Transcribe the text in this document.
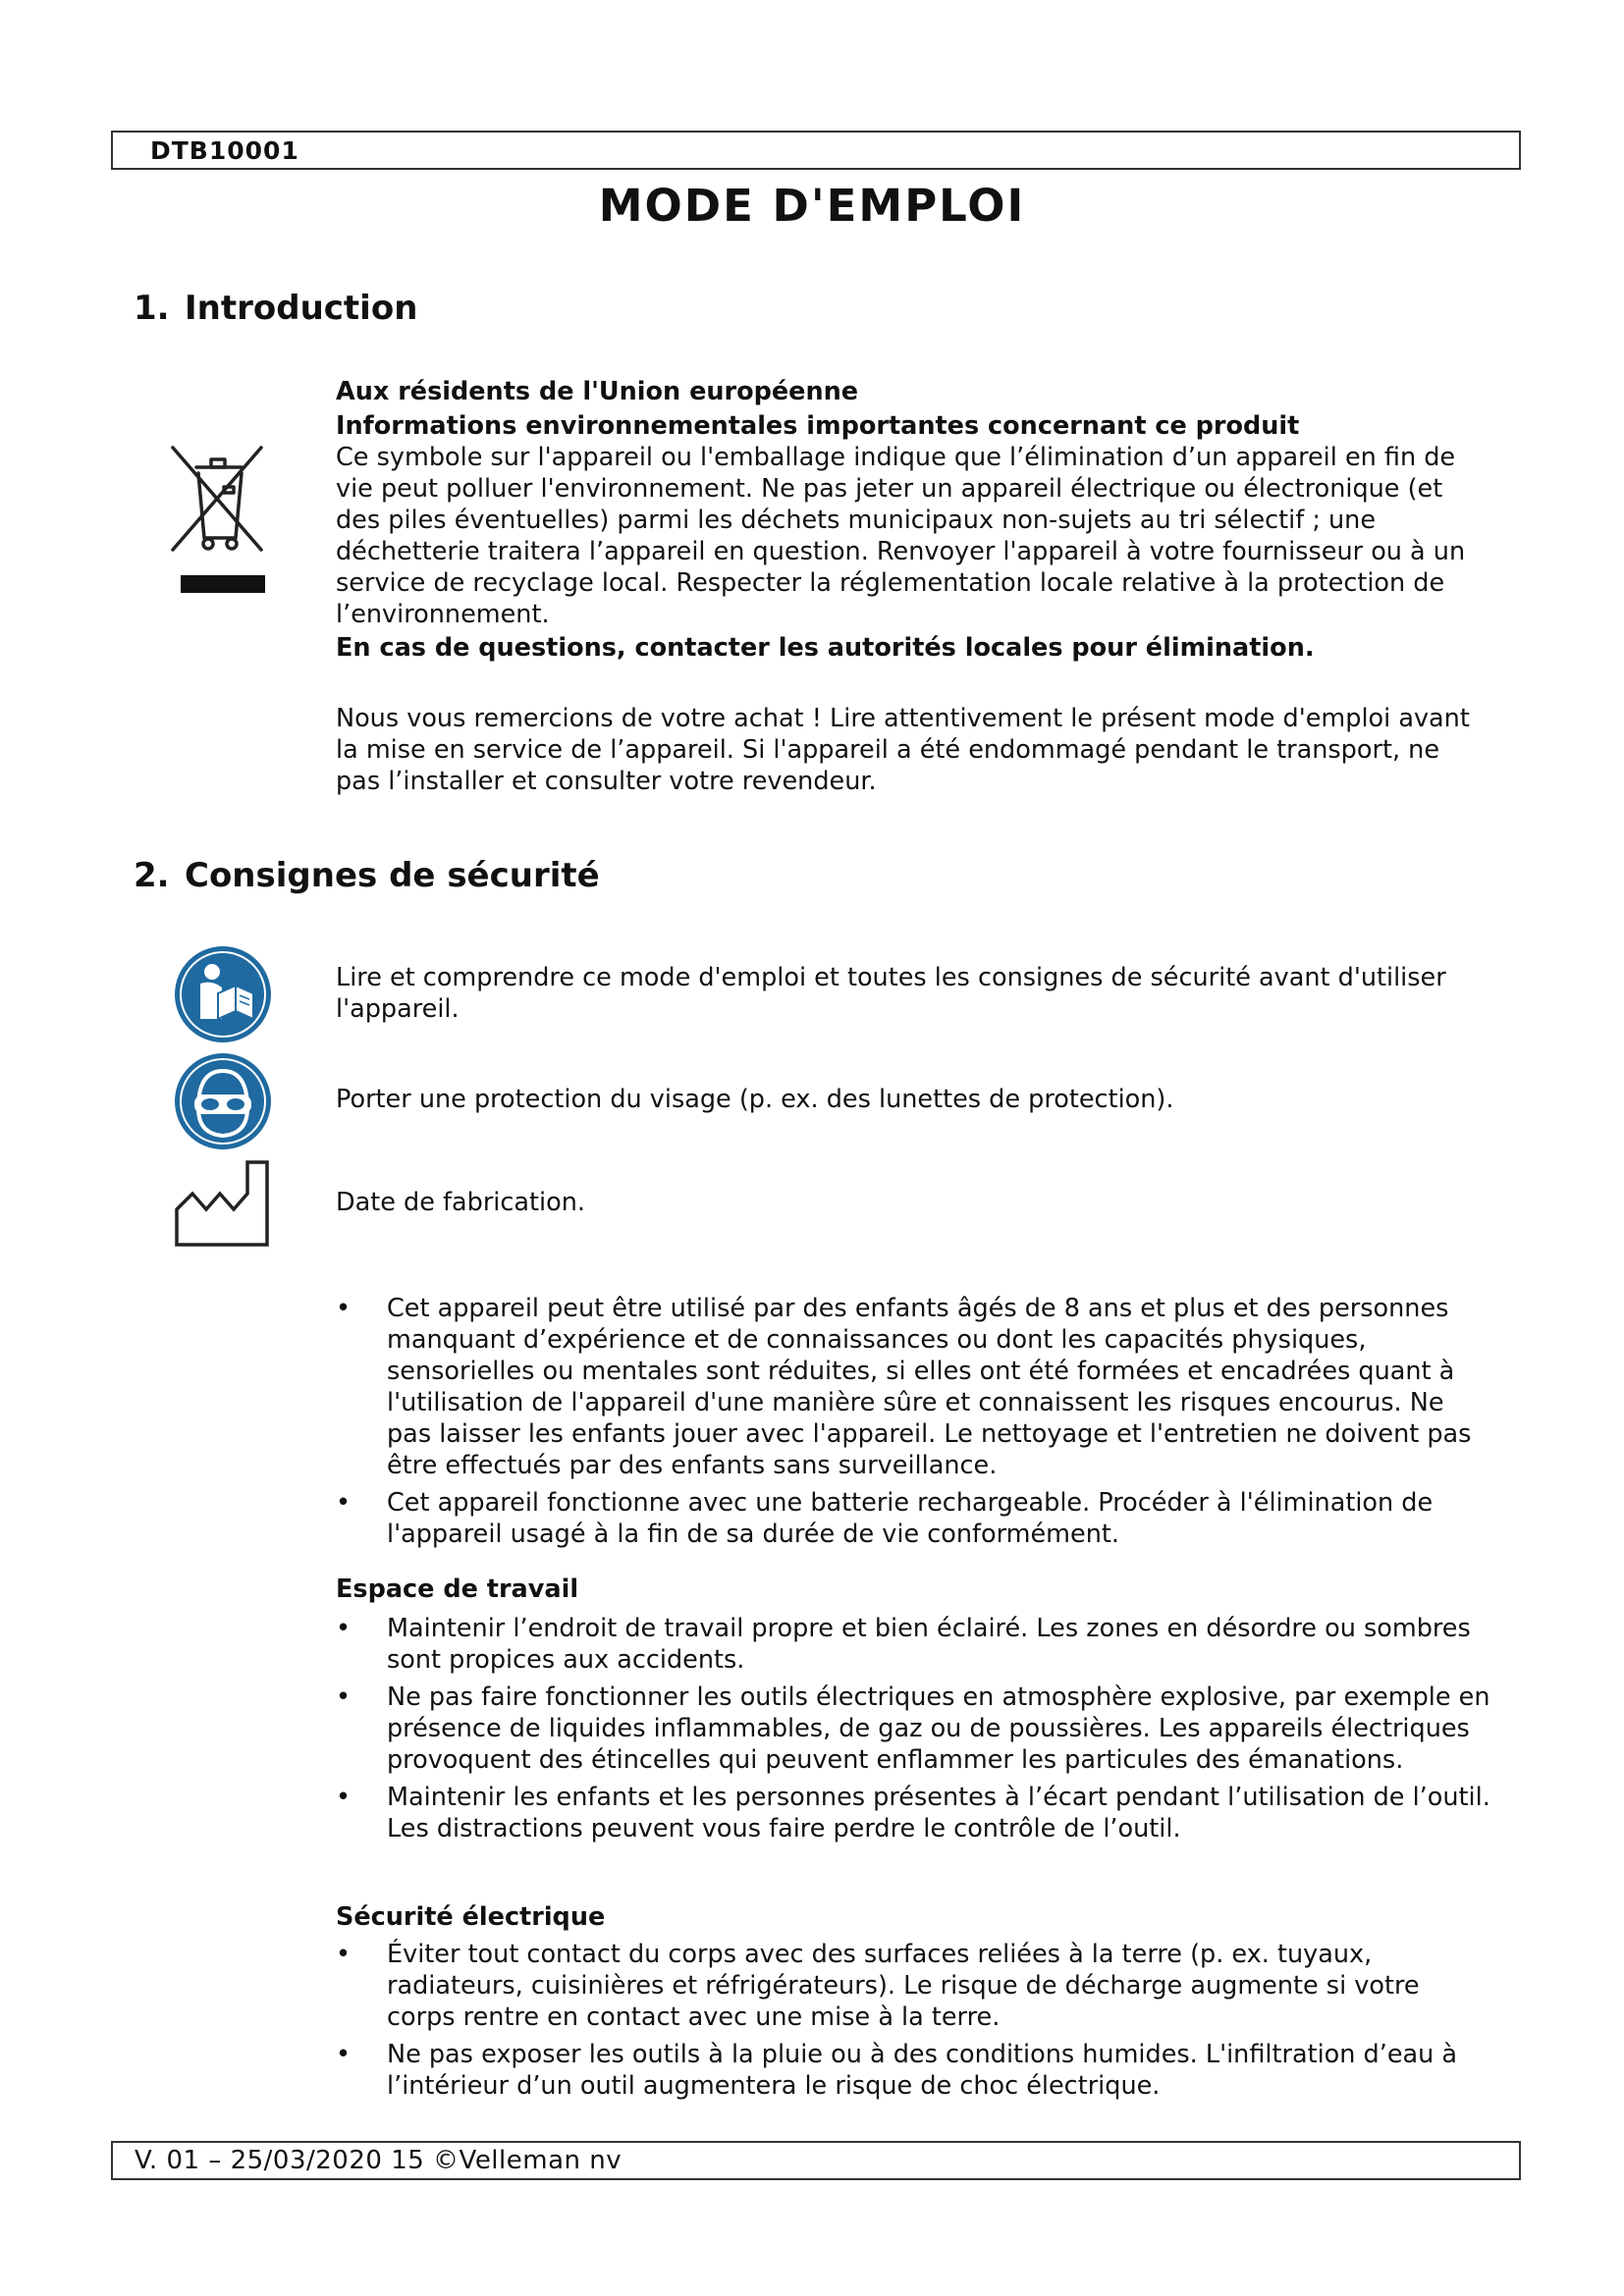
DTB10001
MODE D'EMPLOI
1. Introduction
Aux résidents de l'Union européenne
Informations environnementales importantes concernant ce produit
Ce symbole sur l'appareil ou l'emballage indique que l’élimination d’un appareil en fin de vie peut polluer l'environnement. Ne pas jeter un appareil électrique ou électronique (et des piles éventuelles) parmi les déchets municipaux non-sujets au tri sélectif ; une déchetterie traitera l’appareil en question. Renvoyer l'appareil à votre fournisseur ou à un service de recyclage local. Respecter la réglementation locale relative à la protection de l’environnement.
En cas de questions, contacter les autorités locales pour élimination.
Nous vous remercions de votre achat ! Lire attentivement le présent mode d'emploi avant la mise en service de l’appareil. Si l'appareil a été endommagé pendant le transport, ne pas l’installer et consulter votre revendeur.
2. Consignes de sécurité
Lire et comprendre ce mode d'emploi et toutes les consignes de sécurité avant d'utiliser l'appareil.
Porter une protection du visage (p. ex. des lunettes de protection).
Date de fabrication.
• Cet appareil peut être utilisé par des enfants âgés de 8 ans et plus et des personnes manquant d’expérience et de connaissances ou dont les capacités physiques, sensorielles ou mentales sont réduites, si elles ont été formées et encadrées quant à l'utilisation de l'appareil d'une manière sûre et connaissent les risques encourus. Ne pas laisser les enfants jouer avec l'appareil. Le nettoyage et l'entretien ne doivent pas être effectués par des enfants sans surveillance.
• Cet appareil fonctionne avec une batterie rechargeable. Procéder à l'élimination de l'appareil usagé à la fin de sa durée de vie conformément.
Espace de travail
• Maintenir l’endroit de travail propre et bien éclairé. Les zones en désordre ou sombres sont propices aux accidents.
• Ne pas faire fonctionner les outils électriques en atmosphère explosive, par exemple en présence de liquides inflammables, de gaz ou de poussières. Les appareils électriques provoquent des étincelles qui peuvent enflammer les particules des émanations.
• Maintenir les enfants et les personnes présentes à l’écart pendant l’utilisation de l’outil. Les distractions peuvent vous faire perdre le contrôle de l’outil.
Sécurité électrique
• Éviter tout contact du corps avec des surfaces reliées à la terre (p. ex. tuyaux, radiateurs, cuisinières et réfrigérateurs). Le risque de décharge augmente si votre corps rentre en contact avec une mise à la terre.
• Ne pas exposer les outils à la pluie ou à des conditions humides. L'infiltration d’eau à l’intérieur d’un outil augmentera le risque de choc électrique.
V. 01 – 25/03/2020 15 ©Velleman nv
